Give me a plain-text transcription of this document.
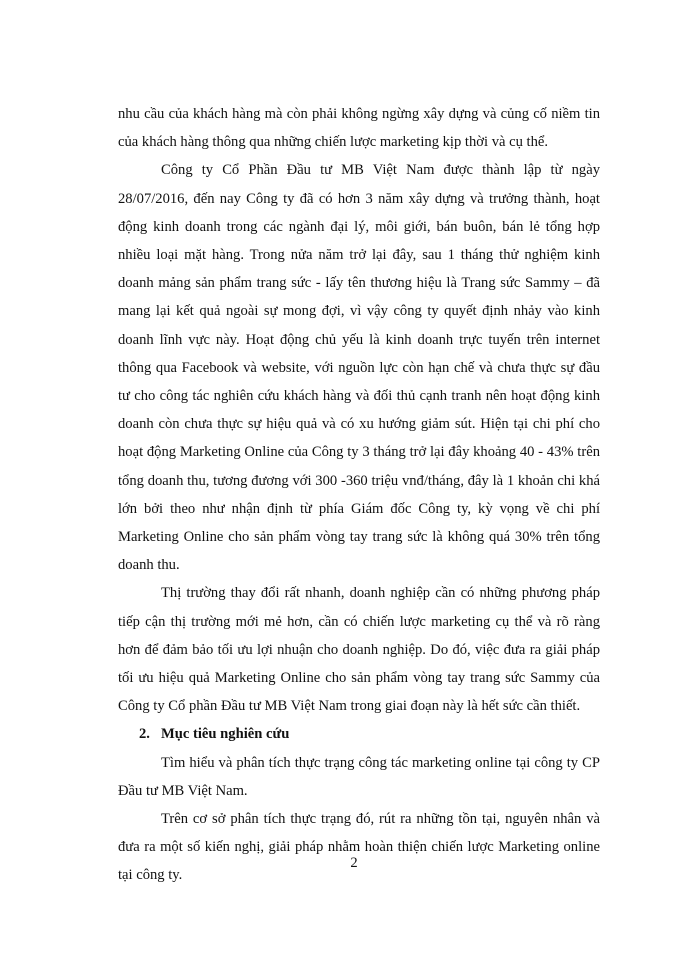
nhu cầu của khách hàng mà còn phải không ngừng xây dựng và củng cố niềm tin của khách hàng thông qua những chiến lược marketing kịp thời và cụ thể.

Công ty Cổ Phần Đầu tư MB Việt Nam được thành lập từ ngày 28/07/2016, đến nay Công ty đã có hơn 3 năm xây dựng và trưởng thành, hoạt động kinh doanh trong các ngành đại lý, môi giới, bán buôn, bán lẻ tổng hợp nhiều loại mặt hàng. Trong nửa năm trở lại đây, sau 1 tháng thử nghiệm kinh doanh mảng sản phẩm trang sức - lấy tên thương hiệu là Trang sức Sammy – đã mang lại kết quả ngoài sự mong đợi, vì vậy công ty quyết định nhảy vào kinh doanh lĩnh vực này. Hoạt động chủ yếu là kinh doanh trực tuyến trên internet thông qua Facebook và website, với nguồn lực còn hạn chế và chưa thực sự đầu tư cho công tác nghiên cứu khách hàng và đối thủ cạnh tranh nên hoạt động kinh doanh còn chưa thực sự hiệu quả và có xu hướng giảm sút. Hiện tại chi phí cho hoạt động Marketing Online của Công ty 3 tháng trở lại đây khoảng 40 - 43% trên tổng doanh thu, tương đương với 300 -360 triệu vnđ/tháng, đây là 1 khoản chi khá lớn bởi theo như nhận định từ phía Giám đốc Công ty, kỳ vọng về chi phí Marketing Online cho sản phẩm vòng tay trang sức là không quá 30% trên tổng doanh thu.

Thị trường thay đổi rất nhanh, doanh nghiệp cần có những phương pháp tiếp cận thị trường mới mẻ hơn, cần có chiến lược marketing cụ thể và rõ ràng hơn để đảm bảo tối ưu lợi nhuận cho doanh nghiệp. Do đó, việc đưa ra giải pháp tối ưu hiệu quả Marketing Online cho sản phẩm vòng tay trang sức Sammy của Công ty Cổ phần Đầu tư MB Việt Nam trong giai đoạn này là hết sức cần thiết.

2. Mục tiêu nghiên cứu

Tìm hiểu và phân tích thực trạng công tác marketing online tại công ty CP Đầu tư MB Việt Nam.

Trên cơ sở phân tích thực trạng đó, rút ra những tồn tại, nguyên nhân và đưa ra một số kiến nghị, giải pháp nhằm hoàn thiện chiến lược Marketing online tại công ty.

2
